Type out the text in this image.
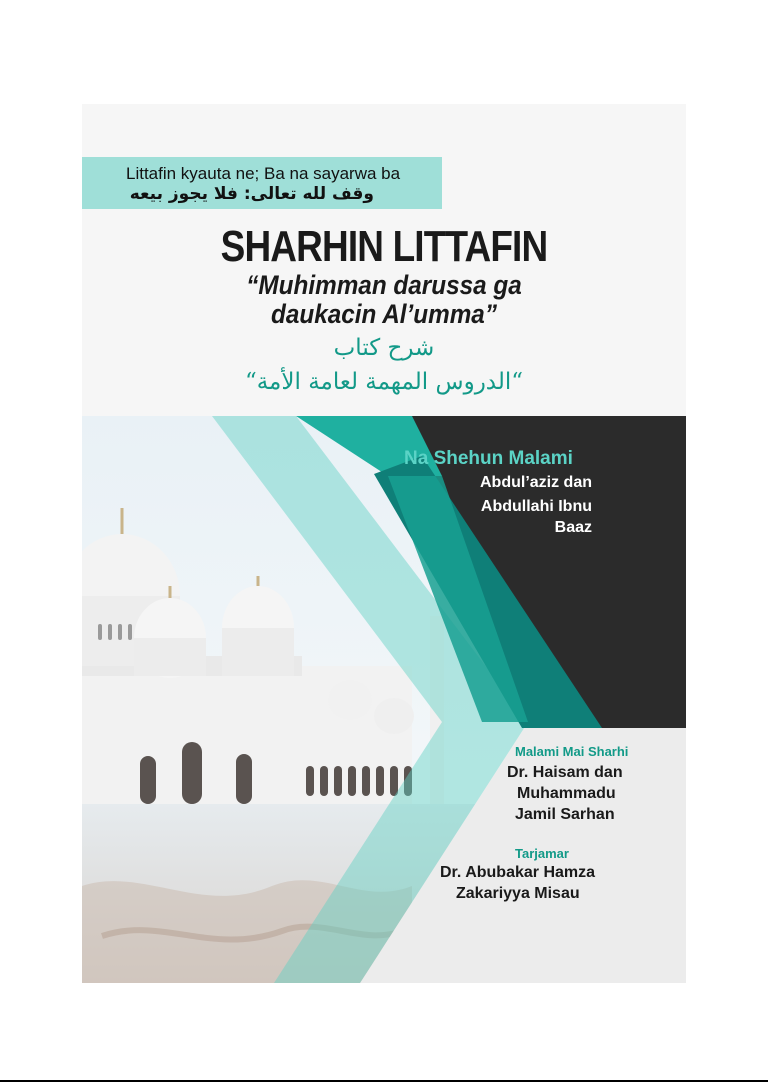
Littafin kyauta ne; Ba na sayarwa ba
وقف لله تعالى: فلا يجوز بيعه
SHARHIN LITTAFIN
“Muhimman darussa ga
daukacin Al’umma”
شرح كتاب
“الدروس المهمة لعامة الأمة“
Na Shehun Malami
Abdul’aziz dan
Abdullahi Ibnu
Baaz
Malami Mai Sharhi
Dr. Haisam dan
Muhammadu
Jamil Sarhan
Tarjamar
Dr. Abubakar Hamza
Zakariyya Misau
